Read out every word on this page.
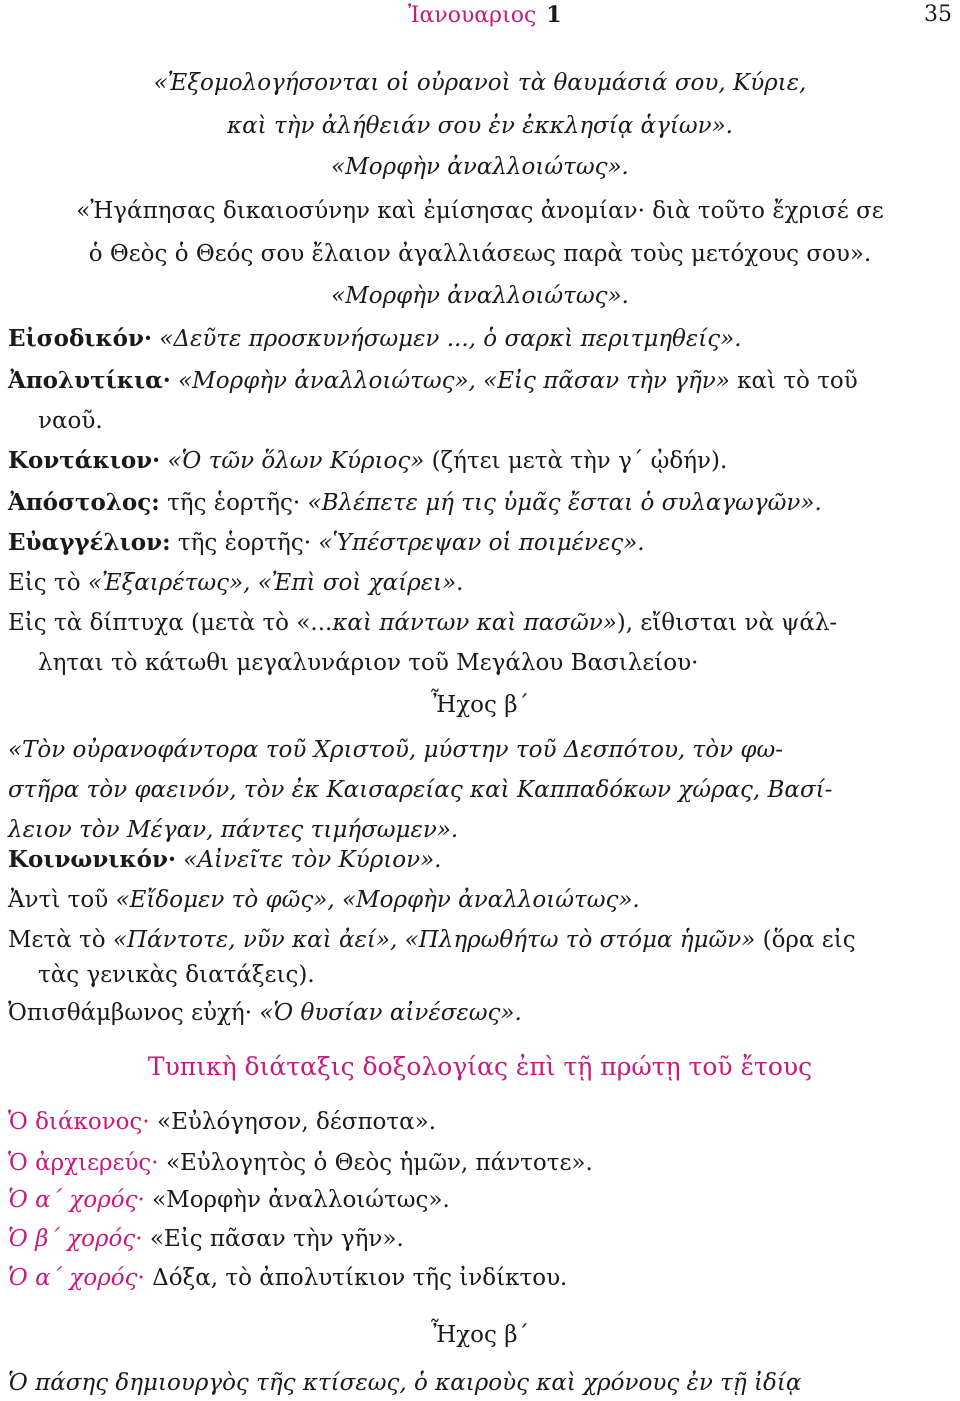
Ἰανουαριος 1	35
«Ἐξομολογήσονται οἱ οὐρανοὶ τὰ θαυμάσιά σου, Κύριε,
καὶ τὴν ἀλήθειάν σου ἐν ἐκκλησίᾳ ἁγίων».
«Μορφὴν ἀναλλοιώτως».
«Ἠγάπησας δικαιοσύνην καὶ ἐμίσησας ἀνομίαν· διὰ τοῦτο ἔχρισέ σε
ὁ Θεὸς ὁ Θεός σου ἔλαιον ἀγαλλιάσεως παρὰ τοὺς μετόχους σου».
«Μορφὴν ἀναλλοιώτως».
Εἰσοδικόν· «Δεῦτε προσκυνήσωμεν ..., ὁ σαρκὶ περιτμηθείς».
Ἀπολυτίκια· «Μορφὴν ἀναλλοιώτως», «Εἰς πᾶσαν τὴν γῆν» καὶ τὸ τοῦ
ναοῦ.
Κοντάκιον· «Ὁ τῶν ὅλων Κύριος» (ζήτει μετὰ τὴν γ´ ᾠδήν).
Ἀπόστολος: τῆς ἑορτῆς· «Βλέπετε μή τις ὑμᾶς ἔσται ὁ συλαγωγῶν».
Εὐαγγέλιον: τῆς ἑορτῆς· «Ὑπέστρεψαν οἱ ποιμένες».
Εἰς τὸ «Ἐξαιρέτως», «Ἐπὶ σοὶ χαίρει».
Εἰς τὰ δίπτυχα (μετὰ τὸ «...καὶ πάντων καὶ πασῶν»), εἴθισται νὰ ψάλ-
ληται τὸ κάτωθι μεγαλυνάριον τοῦ Μεγάλου Βασιλείου·
Ἦχος β´
«Τὸν οὐρανοφάντορα τοῦ Χριστοῦ, μύστην τοῦ Δεσπότου, τὸν φω-
στῆρα τὸν φαεινόν, τὸν ἐκ Καισαρείας καὶ Καππαδόκων χώρας, Βασί-
λειον τὸν Μέγαν, πάντες τιμήσωμεν».
Κοινωνικόν· «Αἰνεῖτε τὸν Κύριον».
Ἀντὶ τοῦ «Εἴδομεν τὸ φῶς», «Μορφὴν ἀναλλοιώτως».
Μετὰ τὸ «Πάντοτε, νῦν καὶ ἀεί», «Πληρωθήτω τὸ στόμα ἡμῶν» (ὅρα εἰς
τὰς γενικὰς διατάξεις).
Ὀπισθάμβωνος εὐχή· «Ὁ θυσίαν αἰνέσεως».
Τυπικὴ διάταξις δοξολογίας ἐπὶ τῇ πρώτῃ τοῦ ἔτους
Ὁ διάκονος· «Εὐλόγησον, δέσποτα».
Ὁ ἀρχιερεύς· «Εὐλογητὸς ὁ Θεὸς ἡμῶν, πάντοτε».
Ὁ α´ χορός· «Μορφὴν ἀναλλοιώτως».
Ὁ β´ χορός· «Εἰς πᾶσαν τὴν γῆν».
Ὁ α´ χορός· Δόξα, τὸ ἀπολυτίκιον τῆς ἰνδίκτου.
Ἦχος β´
Ὁ πάσης δημιουργὸς τῆς κτίσεως, ὁ καιροὺς καὶ χρόνους ἐν τῇ ἰδίᾳ
